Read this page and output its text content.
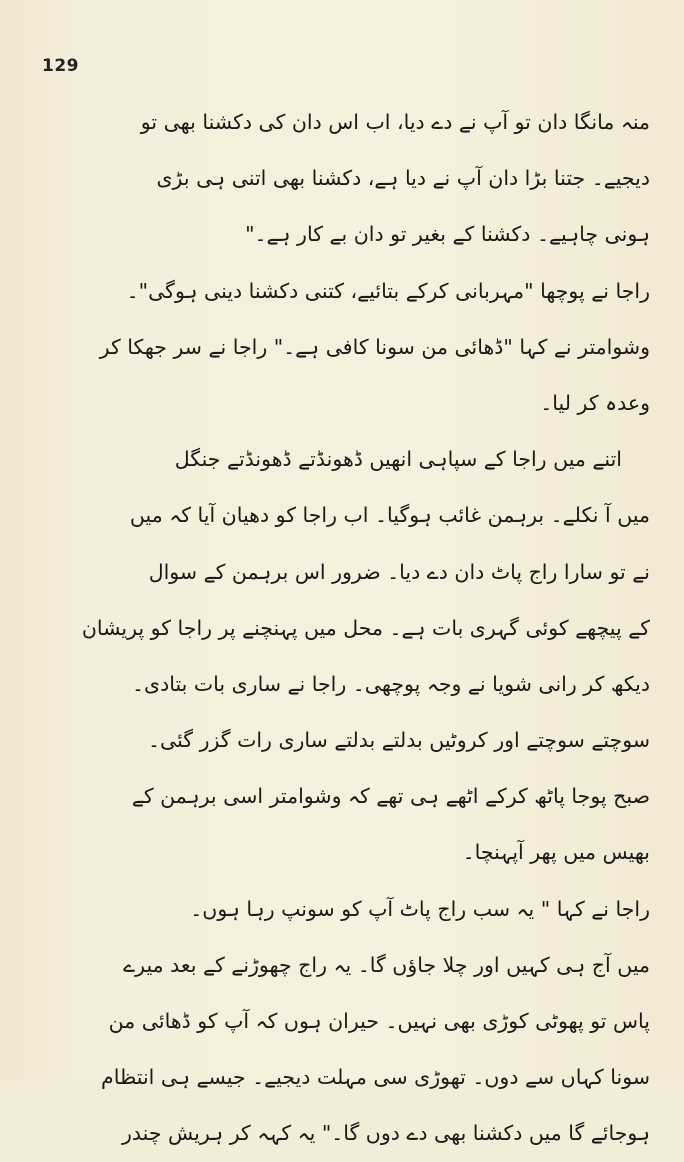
129
منہ مانگا دان تو آپ نے دے دیا، اب اس دان کی دکشنا بھی تو
دیجیے۔ جتنا بڑا دان آپ نے دیا ہے، دکشنا بھی اتنی ہی بڑی
ہونی چاہیے۔ دکشنا کے بغیر تو دان بے کار ہے۔"
راجا نے پوچھا "مہربانی کرکے بتائیے، کتنی دکشنا دینی ہوگی"۔
وشوامتر نے کہا "ڈھائی من سونا کافی ہے۔" راجا نے سر جھکا کر
وعدہ کر لیا۔
اتنے میں راجا کے سپاہی انھیں ڈھونڈتے ڈھونڈتے جنگل
میں آ نکلے۔ برہمن غائب ہوگیا۔ اب راجا کو دھیان آیا کہ میں
نے تو سارا راج پاٹ دان دے دیا۔ ضرور اس برہمن کے سوال
کے پیچھے کوئی گہری بات ہے۔ محل میں پہنچنے پر راجا کو پریشان
دیکھ کر رانی شویا نے وجہ پوچھی۔ راجا نے ساری بات بتادی۔
سوچتے سوچتے اور کروٹیں بدلتے بدلتے ساری رات گزر گئی۔
صبح پوجا پاٹھ کرکے اٹھے ہی تھے کہ وشوامتر اسی برہمن کے
بھیس میں پھر آپہنچا۔
راجا نے کہا " یہ سب راج پاٹ آپ کو سونپ رہا ہوں۔
میں آج ہی کہیں اور چلا جاؤں گا۔ یہ راج چھوڑنے کے بعد میرے
پاس تو پھوٹی کوڑی بھی نہیں۔ حیران ہوں کہ آپ کو ڈھائی من
سونا کہاں سے دوں۔ تھوڑی سی مہلت دیجیے۔ جیسے ہی انتظام
ہوجائے گا میں دکشنا بھی دے دوں گا۔" یہ کہہ کر ہریش چندر
